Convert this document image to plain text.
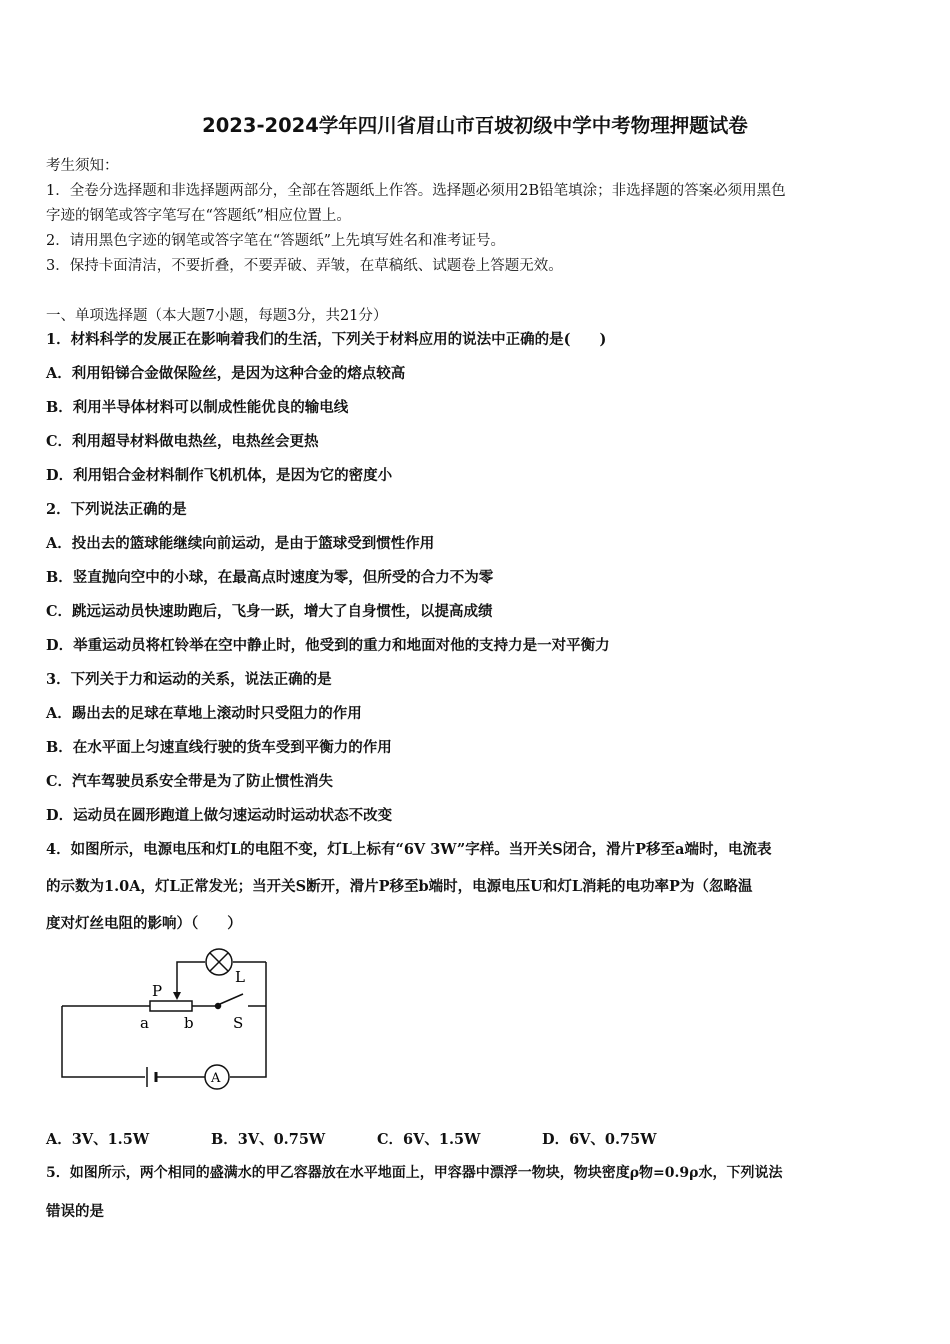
2023-2024学年四川省眉山市百坡初级中学中考物理押题试卷
考生须知：
1．全卷分选择题和非选择题两部分，全部在答题纸上作答。选择题必须用2B铅笔填涂；非选择题的答案必须用黑色
字迹的钢笔或答字笔写在“答题纸”相应位置上。
2．请用黑色字迹的钢笔或答字笔在“答题纸”上先填写姓名和准考证号。
3．保持卡面清洁，不要折叠，不要弄破、弄皱，在草稿纸、试题卷上答题无效。
一、单项选择题（本大题7小题，每题3分，共21分）
1．材料科学的发展正在影响着我们的生活，下列关于材料应用的说法中正确的是(　　)
A．利用铅锑合金做保险丝，是因为这种合金的熔点较高
B．利用半导体材料可以制成性能优良的输电线
C．利用超导材料做电热丝，电热丝会更热
D．利用铝合金材料制作飞机机体，是因为它的密度小
2．下列说法正确的是
A．投出去的篮球能继续向前运动，是由于篮球受到惯性作用
B．竖直抛向空中的小球，在最高点时速度为零，但所受的合力不为零
C．跳远运动员快速助跑后，飞身一跃，增大了自身惯性，以提高成绩
D．举重运动员将杠铃举在空中静止时，他受到的重力和地面对他的支持力是一对平衡力
3．下列关于力和运动的关系，说法正确的是
A．踢出去的足球在草地上滚动时只受阻力的作用
B．在水平面上匀速直线行驶的货车受到平衡力的作用
C．汽车驾驶员系安全带是为了防止惯性消失
D．运动员在圆形跑道上做匀速运动时运动状态不改变
4．如图所示，电源电压和灯L的电阻不变，灯L上标有“6V 3W”字样。当开关S闭合，滑片P移至a端时，电流表
的示数为1.0A，灯L正常发光；当开关S断开，滑片P移至b端时，电源电压U和灯L消耗的电功率P为（忽略温
度对灯丝电阻的影响）（　　）
P
L
a b	S
A
A．3V、1.5W	B．3V、0.75W	C．6V、1.5W	D．6V、0.75W
5．如图所示，两个相同的盛满水的甲乙容器放在水平地面上，甲容器中漂浮一物块，物块密度ρ物=0.9ρ水，下列说法
错误的是
